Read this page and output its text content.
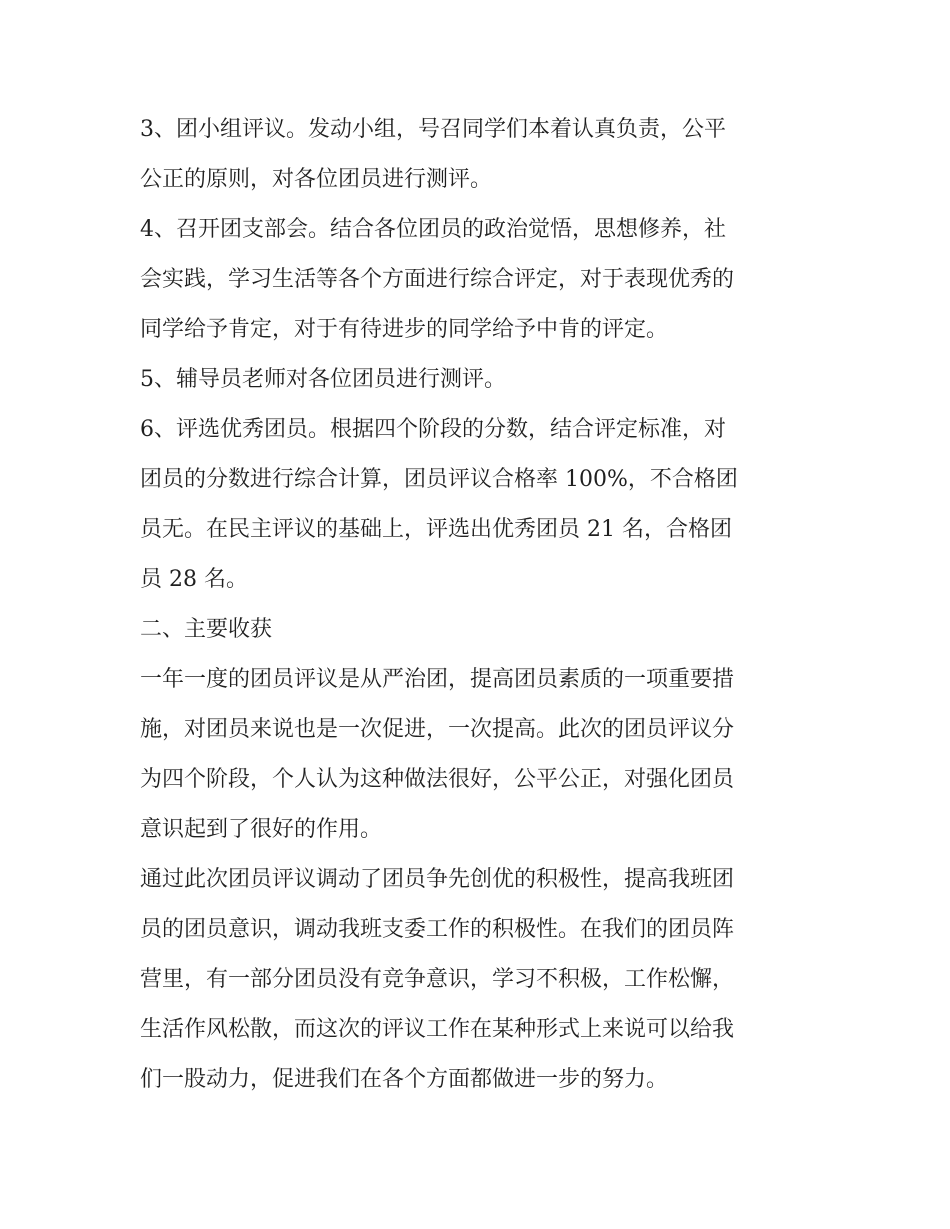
3、团小组评议。发动小组，号召同学们本着认真负责，公平
公正的原则，对各位团员进行测评。

4、召开团支部会。结合各位团员的政治觉悟，思想修养，社
会实践，学习生活等各个方面进行综合评定，对于表现优秀的
同学给予肯定，对于有待进步的同学给予中肯的评定。

5、辅导员老师对各位团员进行测评。

6、评选优秀团员。根据四个阶段的分数，结合评定标准，对
团员的分数进行综合计算，团员评议合格率 100%，不合格团
员无。在民主评议的基础上，评选出优秀团员 21 名，合格团
员 28 名。

二、主要收获

一年一度的团员评议是从严治团，提高团员素质的一项重要措
施，对团员来说也是一次促进，一次提高。此次的团员评议分
为四个阶段，个人认为这种做法很好，公平公正，对强化团员
意识起到了很好的作用。

通过此次团员评议调动了团员争先创优的积极性，提高我班团
员的团员意识，调动我班支委工作的积极性。在我们的团员阵
营里，有一部分团员没有竞争意识，学习不积极，工作松懈，
生活作风松散，而这次的评议工作在某种形式上来说可以给我
们一股动力，促进我们在各个方面都做进一步的努力。
